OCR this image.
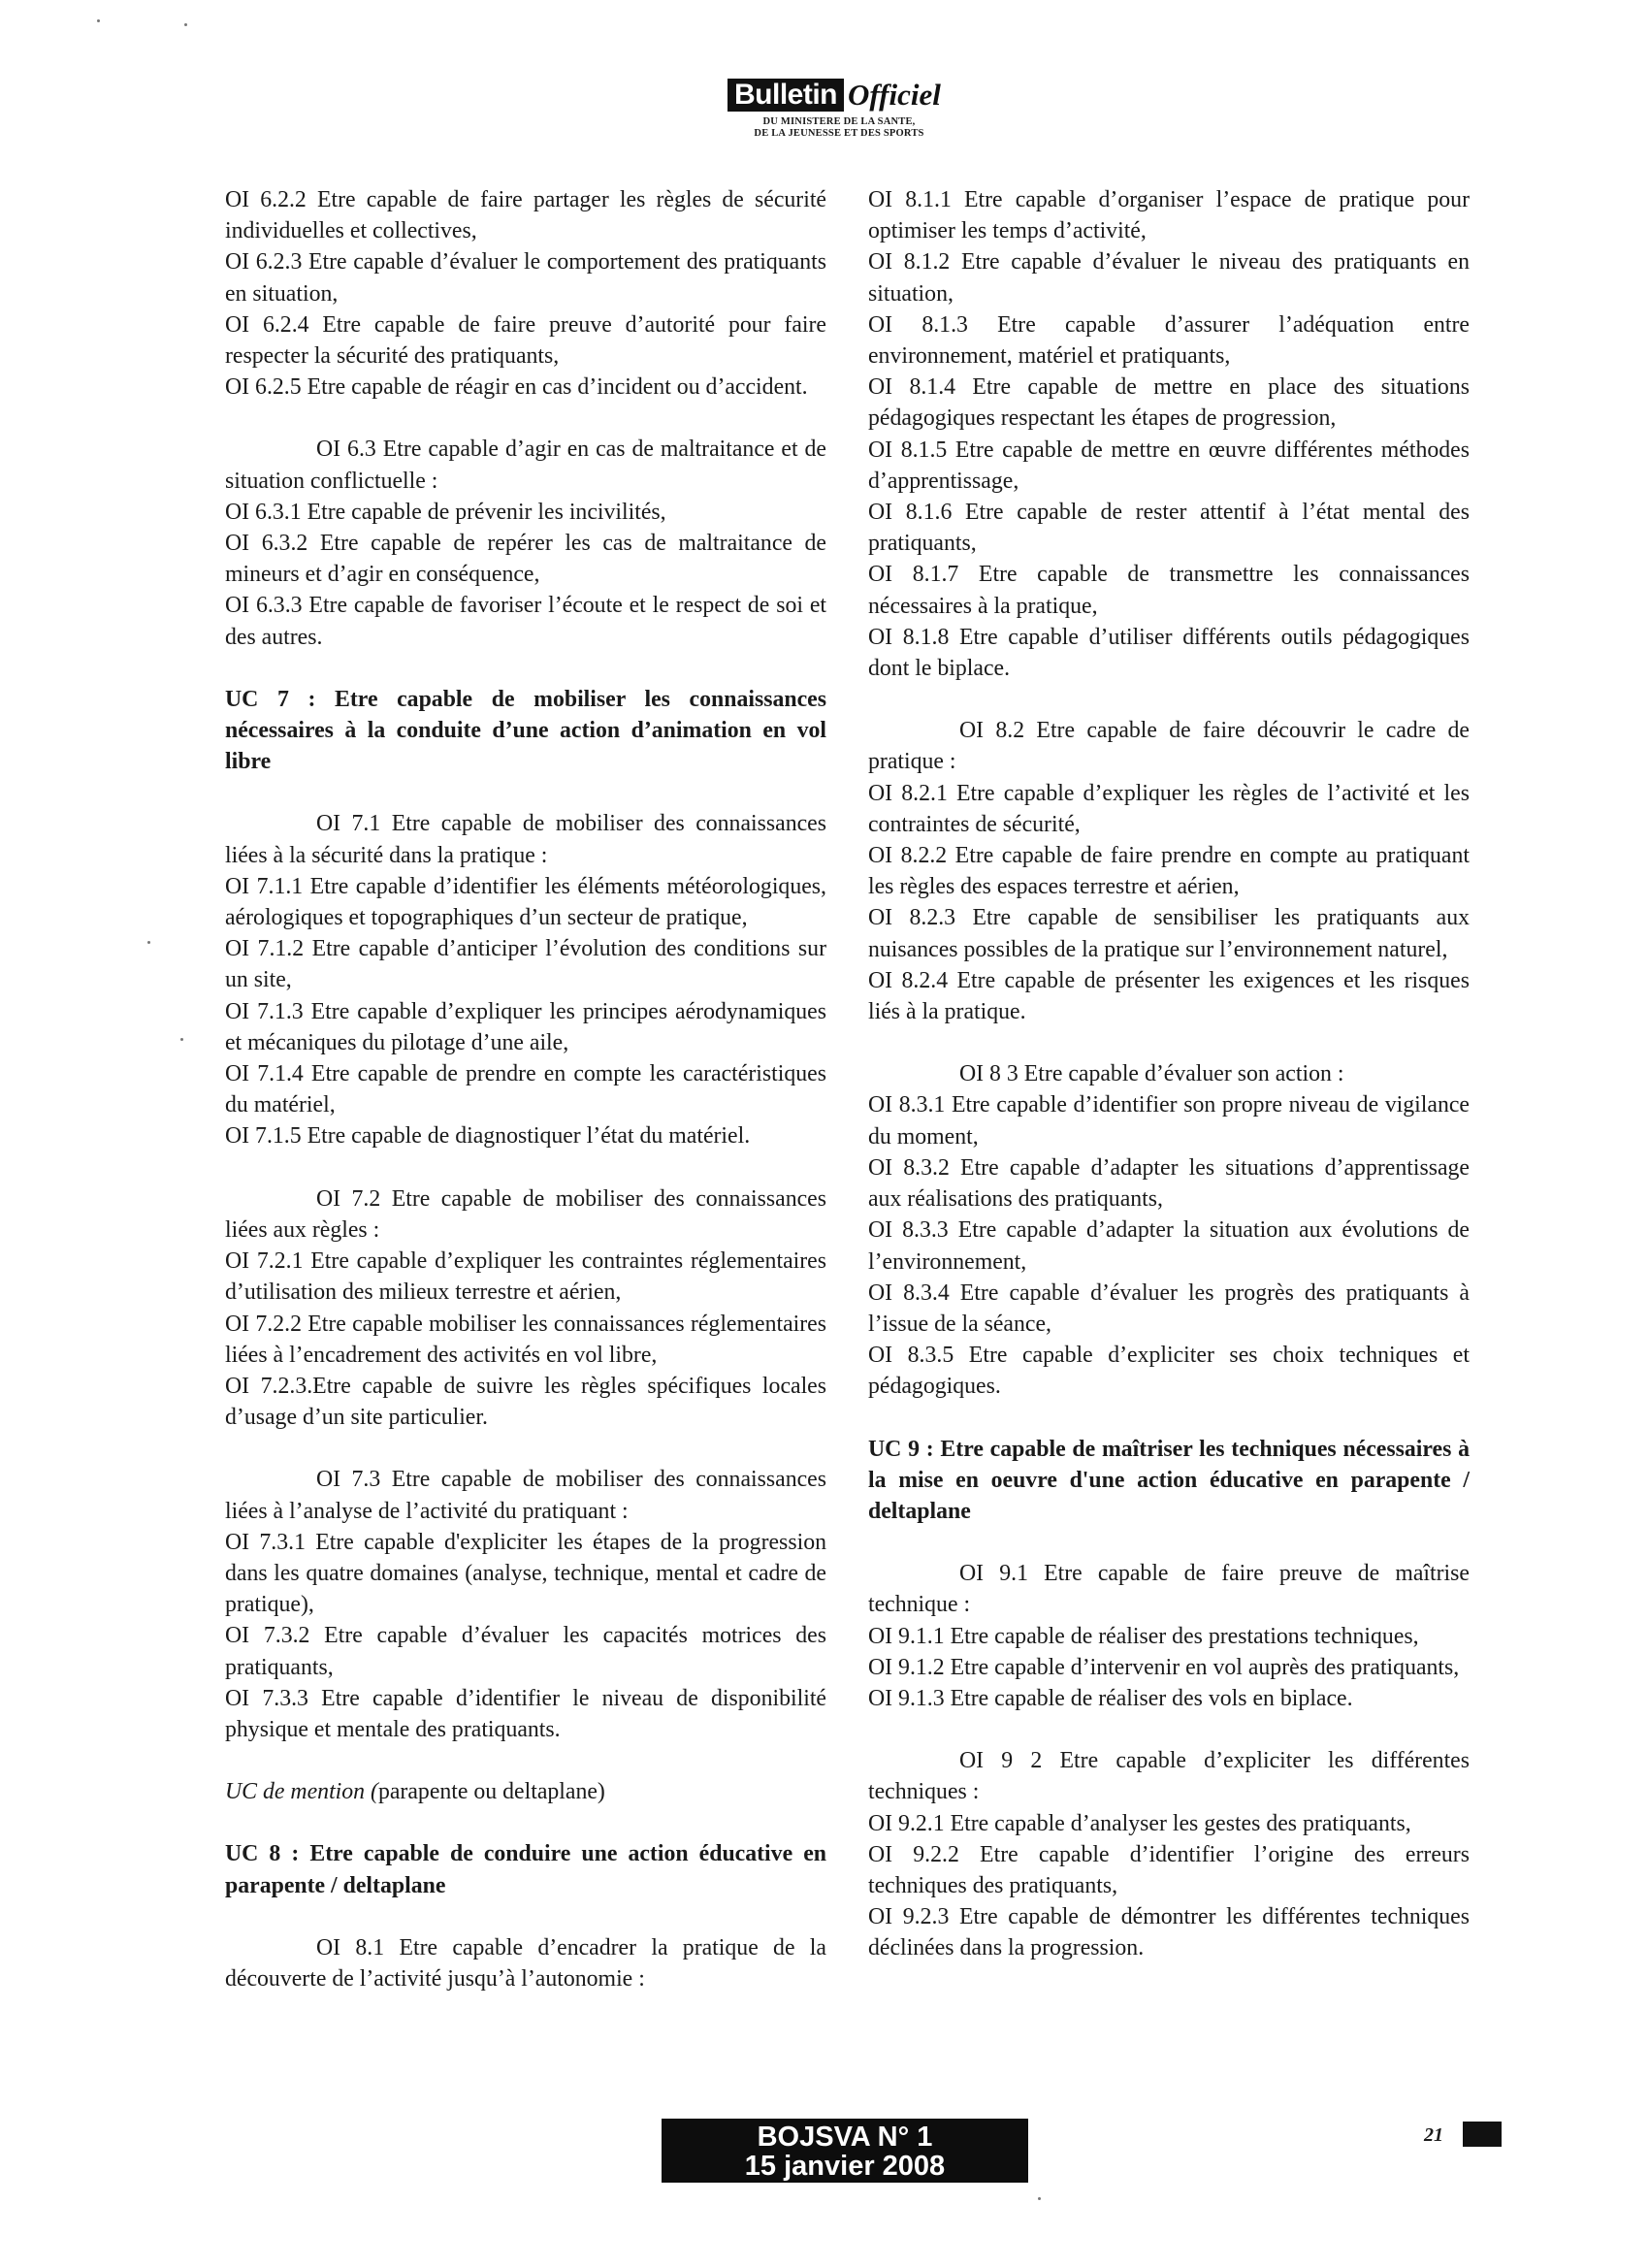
Bulletin Officiel
DU MINISTERE DE LA SANTE,
DE LA JEUNESSE ET DES SPORTS

OI 6.2.2 Etre capable de faire partager les règles de sécurité individuelles et collectives,

OI 6.2.3 Etre capable d’évaluer le comportement des pratiquants en situation,

OI 6.2.4 Etre capable de faire preuve d’autorité pour faire respecter la sécurité des pratiquants,

OI 6.2.5 Etre capable de réagir en cas d’incident ou d’accident.

OI 6.3 Etre capable d’agir en cas de maltraitance et de situation conflictuelle :

OI 6.3.1 Etre capable de prévenir les incivilités,

OI 6.3.2 Etre capable de repérer les cas de maltraitance de mineurs et d’agir en conséquence,

OI 6.3.3 Etre capable de favoriser l’écoute et le respect de soi et des autres.

UC 7 : Etre capable de mobiliser les connaissances nécessaires à la conduite d’une action d’animation en vol libre

OI 7.1 Etre capable de mobiliser des connaissances liées à la sécurité dans la pratique :

OI 7.1.1 Etre capable d’identifier les éléments météorologiques, aérologiques et topographiques d’un secteur de pratique,

OI 7.1.2 Etre capable d’anticiper l’évolution des conditions sur un site,

OI 7.1.3 Etre capable d’expliquer les principes aérodynamiques et mécaniques du pilotage d’une aile,

OI 7.1.4 Etre capable de prendre en compte les caractéristiques du matériel,

OI 7.1.5 Etre capable de diagnostiquer l’état du matériel.

OI 7.2 Etre capable de mobiliser des connaissances liées aux règles :

OI 7.2.1 Etre capable d’expliquer les contraintes réglementaires d’utilisation des milieux terrestre et aérien,

OI 7.2.2 Etre capable mobiliser les connaissances réglementaires liées à l’encadrement des activités en vol libre,

OI 7.2.3.Etre capable de suivre les règles spécifiques locales d’usage d’un site particulier.

OI 7.3 Etre capable de mobiliser des connaissances liées à l’analyse de l’activité du pratiquant :

OI 7.3.1 Etre capable d'expliciter les étapes de la progression dans les quatre domaines (analyse, technique, mental et cadre de pratique),

OI 7.3.2 Etre capable d’évaluer les capacités motrices des pratiquants,

OI 7.3.3 Etre capable d’identifier le niveau de disponibilité physique et mentale des pratiquants.

UC de mention (parapente ou deltaplane)

UC 8 : Etre capable de conduire une action éducative en parapente / deltaplane

OI 8.1 Etre capable d’encadrer la pratique de la découverte de l’activité jusqu’à l’autonomie :

OI 8.1.1 Etre capable d’organiser l’espace de pratique pour optimiser les temps d’activité,

OI 8.1.2 Etre capable d’évaluer le niveau des pratiquants en situation,

OI 8.1.3 Etre capable d’assurer l’adéquation entre environnement, matériel et pratiquants,

OI 8.1.4 Etre capable de mettre en place des situations pédagogiques respectant les étapes de progression,

OI 8.1.5 Etre capable de mettre en œuvre différentes méthodes d’apprentissage,

OI 8.1.6 Etre capable de rester attentif à l’état mental des pratiquants,

OI 8.1.7 Etre capable de transmettre les connaissances nécessaires à la pratique,

OI 8.1.8 Etre capable d’utiliser différents outils pédagogiques dont le biplace.

OI 8.2 Etre capable de faire découvrir le cadre de pratique :

OI 8.2.1 Etre capable d’expliquer les règles de l’activité et les contraintes de sécurité,

OI 8.2.2 Etre capable de faire prendre en compte au pratiquant les règles des espaces terrestre et aérien,

OI 8.2.3 Etre capable de sensibiliser les pratiquants aux nuisances possibles de la pratique sur l’environnement naturel,

OI 8.2.4 Etre capable de présenter les exigences et les risques liés à la pratique.

OI 8 3 Etre capable d’évaluer son action :

OI 8.3.1 Etre capable d’identifier son propre niveau de vigilance du moment,

OI 8.3.2 Etre capable d’adapter les situations d’apprentissage aux réalisations des pratiquants,

OI 8.3.3 Etre capable d’adapter la situation aux évolutions de l’environnement,

OI 8.3.4 Etre capable d’évaluer les progrès des pratiquants à l’issue de la séance,

OI 8.3.5 Etre capable d’expliciter ses choix techniques et pédagogiques.

UC 9 : Etre capable de maîtriser les techniques nécessaires à la mise en oeuvre d'une action éducative en parapente / deltaplane

OI 9.1 Etre capable de faire preuve de maîtrise technique :

OI 9.1.1 Etre capable de réaliser des prestations techniques,

OI 9.1.2 Etre capable d’intervenir en vol auprès des pratiquants,

OI 9.1.3 Etre capable de réaliser des vols en biplace.

OI 9 2 Etre capable d’expliciter les différentes techniques :

OI 9.2.1 Etre capable d’analyser les gestes des pratiquants,

OI 9.2.2 Etre capable d’identifier l’origine des erreurs techniques des pratiquants,

OI 9.2.3 Etre capable de démontrer les différentes techniques déclinées dans la progression.

BOJSVA N° 1
15 janvier 2008
21
